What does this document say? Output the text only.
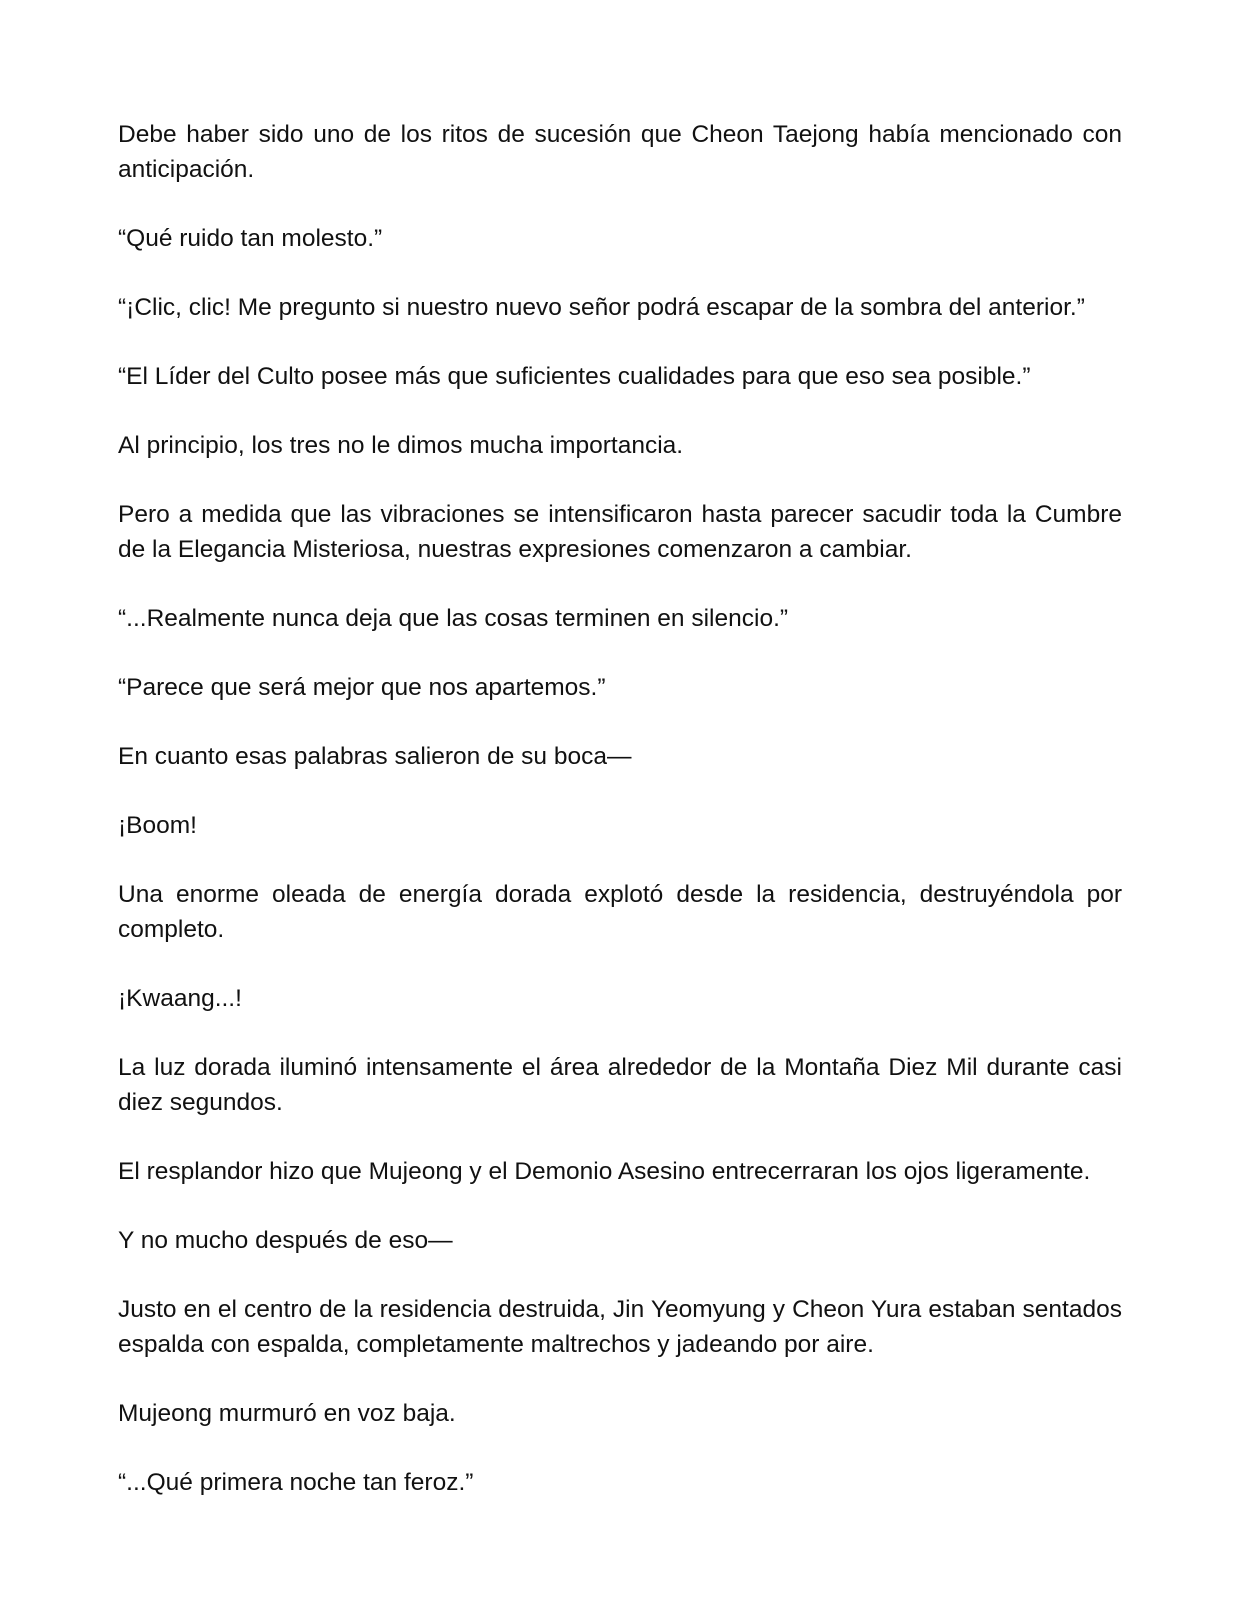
Debe haber sido uno de los ritos de sucesión que Cheon Taejong había mencionado con anticipación.

“Qué ruido tan molesto.”

“¡Clic, clic! Me pregunto si nuestro nuevo señor podrá escapar de la sombra del anterior.”

“El Líder del Culto posee más que suficientes cualidades para que eso sea posible.”

Al principio, los tres no le dimos mucha importancia.

Pero a medida que las vibraciones se intensificaron hasta parecer sacudir toda la Cumbre de la Elegancia Misteriosa, nuestras expresiones comenzaron a cambiar.

“...Realmente nunca deja que las cosas terminen en silencio.”

“Parece que será mejor que nos apartemos.”

En cuanto esas palabras salieron de su boca—

¡Boom!

Una enorme oleada de energía dorada explotó desde la residencia, destruyéndola por completo.

¡Kwaang...!

La luz dorada iluminó intensamente el área alrededor de la Montaña Diez Mil durante casi diez segundos.

El resplandor hizo que Mujeong y el Demonio Asesino entrecerraran los ojos ligeramente.

Y no mucho después de eso—

Justo en el centro de la residencia destruida, Jin Yeomyung y Cheon Yura estaban sentados espalda con espalda, completamente maltrechos y jadeando por aire.

Mujeong murmuró en voz baja.

“...Qué primera noche tan feroz.”
